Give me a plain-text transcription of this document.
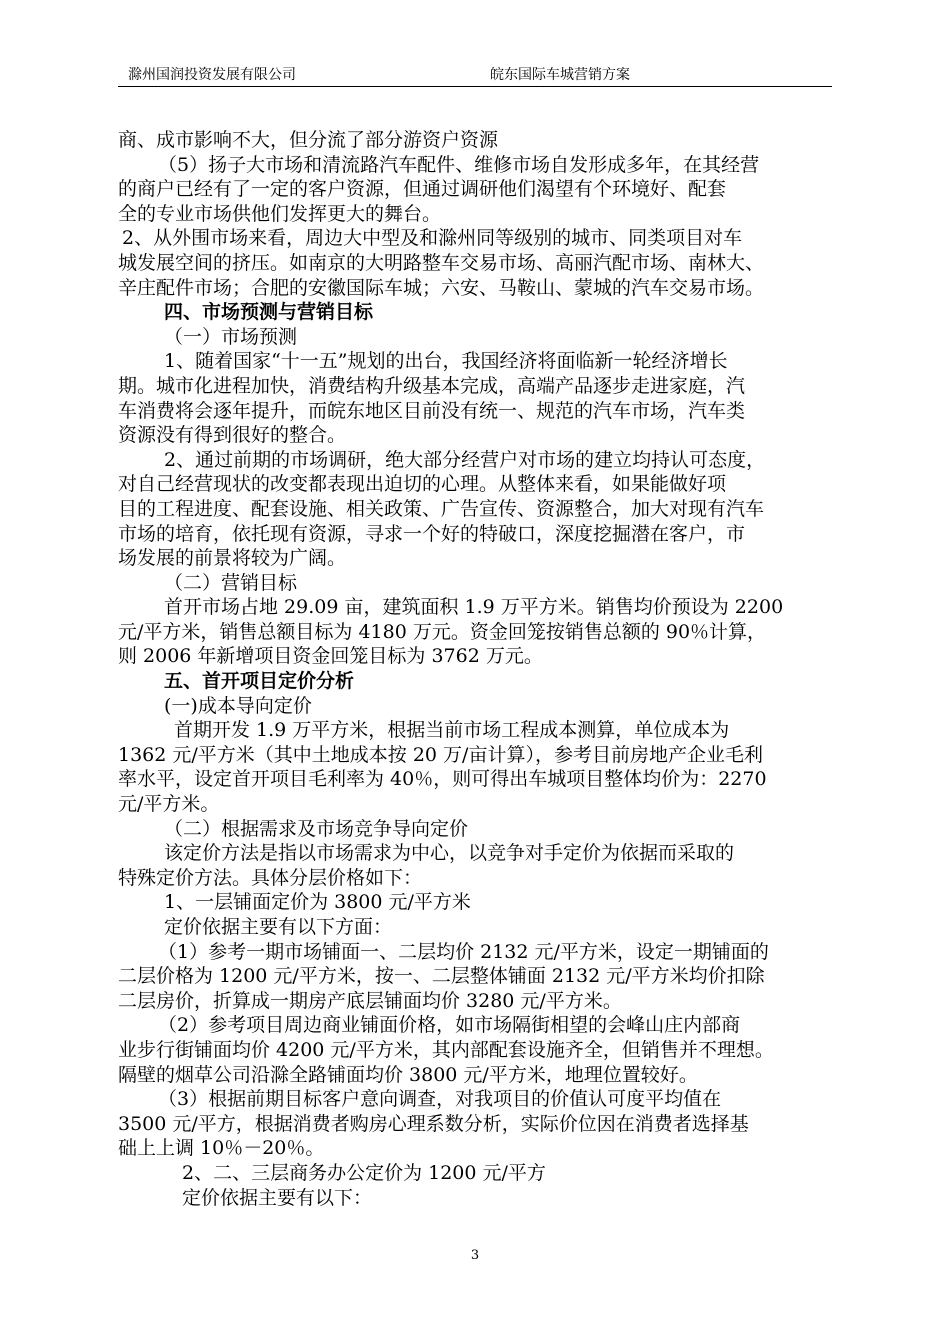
滁州国润投资发展有限公司	皖东国际车城营销方案

商、成市影响不大，但分流了部分游资户资源

（5）扬子大市场和清流路汽车配件、维修市场自发形成多年，在其经营

的商户已经有了一定的客户资源，但通过调研他们渴望有个环境好、配套

全的专业市场供他们发挥更大的舞台。

2、从外围市场来看，周边大中型及和滁州同等级别的城市、同类项目对车

城发展空间的挤压。如南京的大明路整车交易市场、高丽汽配市场、南林大、

辛庄配件市场；合肥的安徽国际车城；六安、马鞍山、蒙城的汽车交易市场。

四、市场预测与营销目标

（一）市场预测

1、随着国家“十一五”规划的出台，我国经济将面临新一轮经济增长

期。城市化进程加快，消费结构升级基本完成，高端产品逐步走进家庭，汽

车消费将会逐年提升，而皖东地区目前没有统一、规范的汽车市场，汽车类

资源没有得到很好的整合。

2、通过前期的市场调研，绝大部分经营户对市场的建立均持认可态度，

对自己经营现状的改变都表现出迫切的心理。从整体来看，如果能做好项

目的工程进度、配套设施、相关政策、广告宣传、资源整合，加大对现有汽车

市场的培育，依托现有资源，寻求一个好的特破口，深度挖掘潜在客户，市

场发展的前景将较为广阔。

（二）营销目标

首开市场占地 29.09 亩，建筑面积 1.9 万平方米。销售均价预设为 2200

元/平方米，销售总额目标为 4180 万元。资金回笼按销售总额的 90％计算，

则 2006 年新增项目资金回笼目标为 3762 万元。

五、首开项目定价分析

(一)成本导向定价

首期开发 1.9 万平方米，根据当前市场工程成本测算，单位成本为

1362 元/平方米（其中土地成本按 20 万/亩计算），参考目前房地产企业毛利

率水平，设定首开项目毛利率为 40％，则可得出车城项目整体均价为：2270

元/平方米。

（二）根据需求及市场竞争导向定价

该定价方法是指以市场需求为中心，以竞争对手定价为依据而采取的

特殊定价方法。具体分层价格如下：

1、一层铺面定价为 3800 元/平方米

定价依据主要有以下方面：

（1）参考一期市场铺面一、二层均价 2132 元/平方米，设定一期铺面的

二层价格为 1200 元/平方米，按一、二层整体铺面 2132 元/平方米均价扣除

二层房价，折算成一期房产底层铺面均价 3280 元/平方米。

（2）参考项目周边商业铺面价格，如市场隔街相望的会峰山庄内部商

业步行街铺面均价 4200 元/平方米，其内部配套设施齐全，但销售并不理想。

隔壁的烟草公司沿滁全路铺面均价 3800 元/平方米，地理位置较好。

（3）根据前期目标客户意向调查，对我项目的价值认可度平均值在

3500 元/平方，根据消费者购房心理系数分析，实际价位因在消费者选择基

础上上调 10％－20％。

2、二、三层商务办公定价为 1200 元/平方

定价依据主要有以下：

3
